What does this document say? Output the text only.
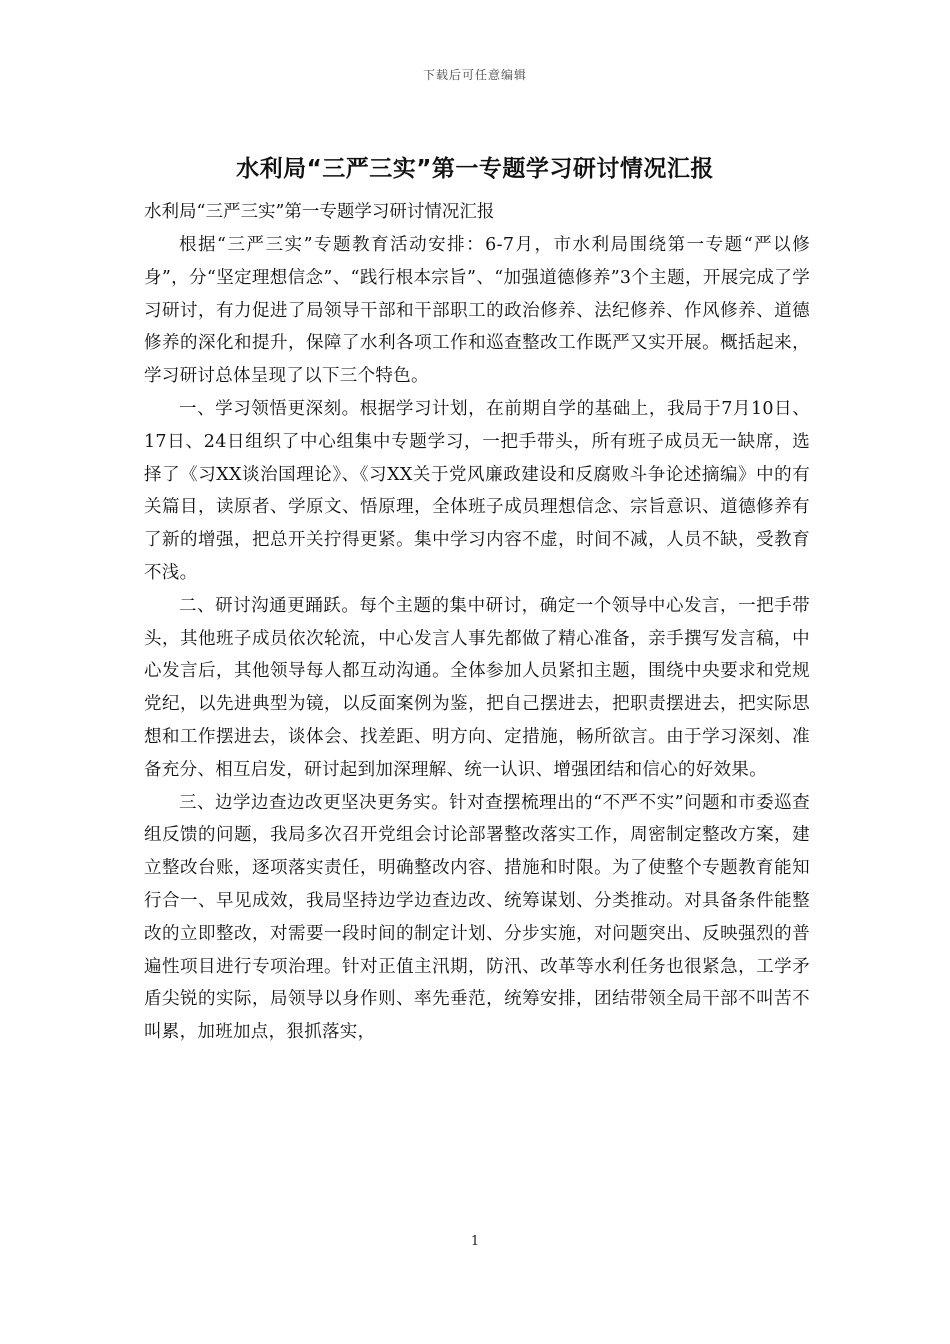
下载后可任意编辑
水利局“三严三实”第一专题学习研讨情况汇报

水利局“三严三实”第一专题学习研讨情况汇报

根据“三严三实”专题教育活动安排：6-7月，市水利局围绕第一专题“严以修身”，分“坚定理想信念”、“践行根本宗旨”、“加强道德修养”3个主题，开展完成了学习研讨，有力促进了局领导干部和干部职工的政治修养、法纪修养、作风修养、道德修养的深化和提升，保障了水利各项工作和巡查整改工作既严又实开展。概括起来，学习研讨总体呈现了以下三个特色。

一、学习领悟更深刻。根据学习计划，在前期自学的基础上，我局于7月10日、17日、24日组织了中心组集中专题学习，一把手带头，所有班子成员无一缺席，选择了《习XX谈治国理论》、《习XX关于党风廉政建设和反腐败斗争论述摘编》中的有关篇目，读原者、学原文、悟原理，全体班子成员理想信念、宗旨意识、道德修养有了新的增强，把总开关拧得更紧。集中学习内容不虚，时间不减，人员不缺，受教育不浅。

二、研讨沟通更踊跃。每个主题的集中研讨，确定一个领导中心发言，一把手带头，其他班子成员依次轮流，中心发言人事先都做了精心准备，亲手撰写发言稿，中心发言后，其他领导每人都互动沟通。全体参加人员紧扣主题，围绕中央要求和党规党纪，以先进典型为镜，以反面案例为鉴，把自己摆进去，把职责摆进去，把实际思想和工作摆进去，谈体会、找差距、明方向、定措施，畅所欲言。由于学习深刻、准备充分、相互启发，研讨起到加深理解、统一认识、增强团结和信心的好效果。

三、边学边查边改更坚决更务实。针对查摆梳理出的“不严不实”问题和市委巡查组反馈的问题，我局多次召开党组会讨论部署整改落实工作，周密制定整改方案，建立整改台账，逐项落实责任，明确整改内容、措施和时限。为了使整个专题教育能知行合一、早见成效，我局坚持边学边查边改、统筹谋划、分类推动。对具备条件能整改的立即整改，对需要一段时间的制定计划、分步实施，对问题突出、反映强烈的普遍性项目进行专项治理。针对正值主汛期，防汛、改革等水利任务也很紧急，工学矛盾尖锐的实际，局领导以身作则、率先垂范，统筹安排，团结带领全局干部不叫苦不叫累，加班加点，狠抓落实，

1
